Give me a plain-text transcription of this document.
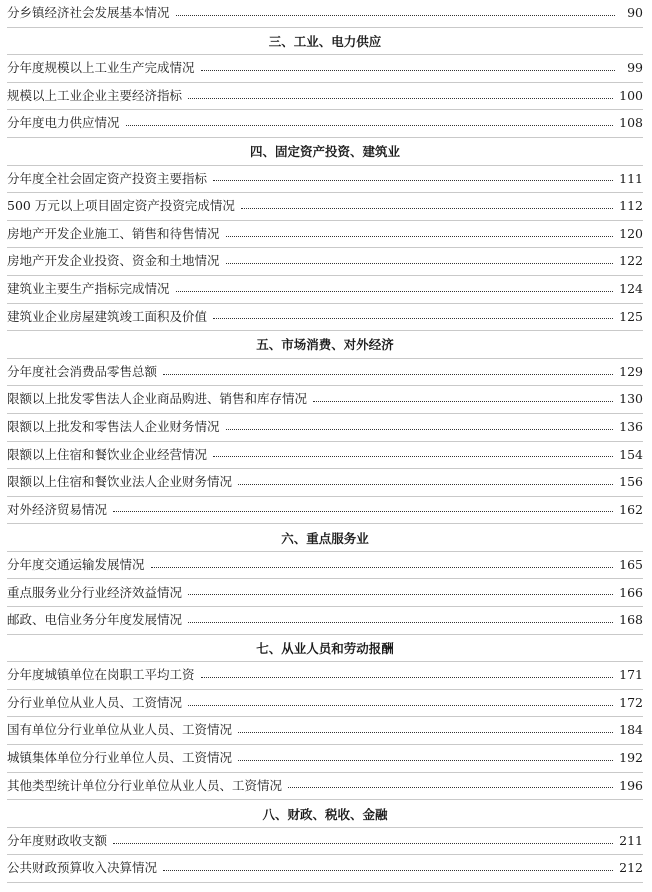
分乡镇经济社会发展基本情况	90
三、工业、电力供应
分年度规模以上工业生产完成情况	99
规模以上工业企业主要经济指标	100
分年度电力供应情况	108
四、固定资产投资、建筑业
分年度全社会固定资产投资主要指标	111
500 万元以上项目固定资产投资完成情况	112
房地产开发企业施工、销售和待售情况	120
房地产开发企业投资、资金和土地情况	122
建筑业主要生产指标完成情况	124
建筑业企业房屋建筑竣工面积及价值	125
五、市场消费、对外经济
分年度社会消费品零售总额	129
限额以上批发零售法人企业商品购进、销售和库存情况	130
限额以上批发和零售法人企业财务情况	136
限额以上住宿和餐饮业企业经营情况	154
限额以上住宿和餐饮业法人企业财务情况	156
对外经济贸易情况	162
六、重点服务业
分年度交通运输发展情况	165
重点服务业分行业经济效益情况	166
邮政、电信业务分年度发展情况	168
七、从业人员和劳动报酬
分年度城镇单位在岗职工平均工资	171
分行业单位从业人员、工资情况	172
国有单位分行业单位从业人员、工资情况	184
城镇集体单位分行业单位人员、工资情况	192
其他类型统计单位分行业单位从业人员、工资情况	196
八、财政、税收、金融
分年度财政收支额	211
公共财政预算收入决算情况	212
